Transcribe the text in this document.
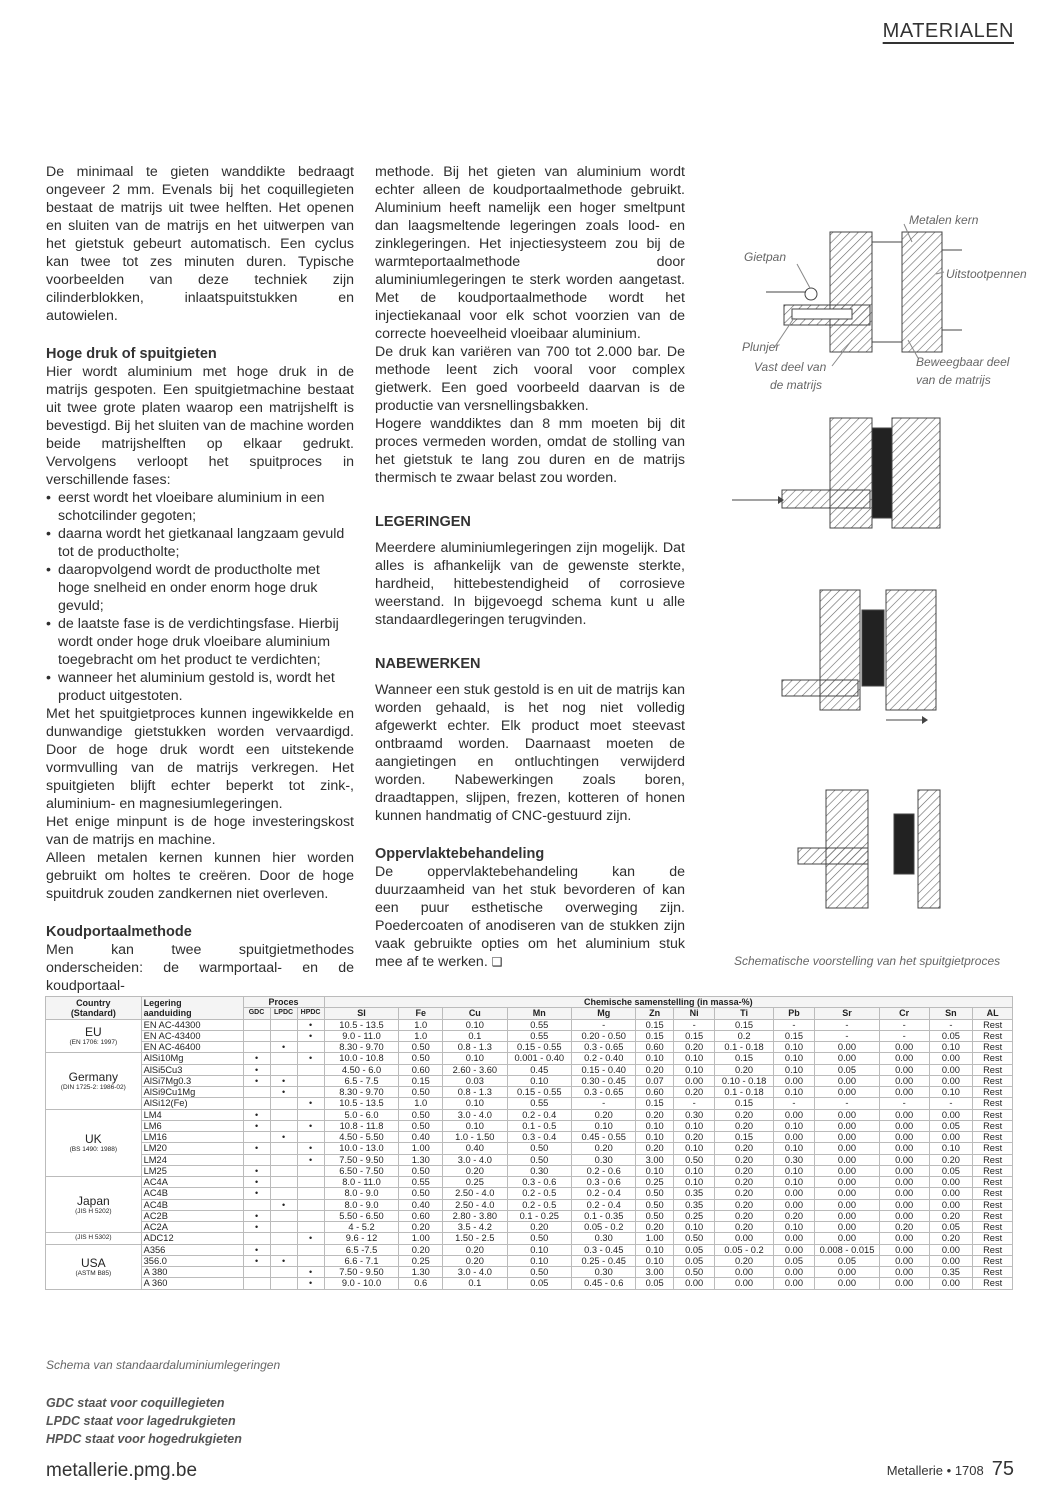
MATERIALEN

De minimaal te gieten wanddikte bedraagt ongeveer 2 mm. Evenals bij het coquillegieten bestaat de matrijs uit twee helften. Het openen en sluiten van de matrijs en het uitwerpen van het gietstuk gebeurt automatisch. Een cyclus kan twee tot zes minuten duren. Typische voorbeelden van deze techniek zijn cilinderblokken, inlaatspuitstukken en autowielen.

Hoge druk of spuitgieten

Hier wordt aluminium met hoge druk in de matrijs gespoten. Een spuitgietmachine bestaat uit twee grote platen waarop een matrijshelft is bevestigd. Bij het sluiten van de machine worden beide matrijshelften op elkaar gedrukt. Vervolgens verloopt het spuitproces in verschillende fases:

• eerst wordt het vloeibare aluminium in een schotcilinder gegoten;
• daarna wordt het gietkanaal langzaam gevuld tot de productholte;
• daaropvolgend wordt de productholte met hoge snelheid en onder enorm hoge druk gevuld;
• de laatste fase is de verdichtingsfase. Hierbij wordt onder hoge druk vloeibare aluminium toegebracht om het product te verdichten;
• wanneer het aluminium gestold is, wordt het product uitgestoten.

Met het spuitgietproces kunnen ingewikkelde en dunwandige gietstukken worden vervaardigd. Door de hoge druk wordt een uitstekende vormvulling van de matrijs verkregen. Het spuitgieten blijft echter beperkt tot zink-, aluminium- en magnesiumlegeringen.

Het enige minpunt is de hoge investeringskost van de matrijs en machine.

Alleen metalen kernen kunnen hier worden gebruikt om holtes te creëren. Door de hoge spuitdruk zouden zandkernen niet overleven.

Koudportaalmethode

Men kan twee spuitgietmethodes onderscheiden: de warmportaal- en de koudportaal-

methode. Bij het gieten van aluminium wordt echter alleen de koudportaalmethode gebruikt. Aluminium heeft namelijk een hoger smeltpunt dan laagsmeltende legeringen zoals lood- en zinklegeringen. Het injectiesysteem zou bij de warmteportaalmethode door aluminiumlegeringen te sterk worden aangetast. Met de koudportaalmethode wordt het injectiekanaal voor elk schot voorzien van de correcte hoeveelheid vloeibaar aluminium.

De druk kan variëren van 700 tot 2.000 bar. De methode leent zich vooral voor complex gietwerk. Een goed voorbeeld daarvan is de productie van versnellingsbakken.

Hogere wanddiktes dan 8 mm moeten bij dit proces vermeden worden, omdat de stolling van het gietstuk te lang zou duren en de matrijs thermisch te zwaar belast zou worden.

LEGERINGEN

Meerdere aluminiumlegeringen zijn mogelijk. Dat alles is afhankelijk van de gewenste sterkte, hardheid, hittebestendigheid of corrosieve weerstand. In bijgevoegd schema kunt u alle standaardlegeringen terugvinden.

NABEWERKEN

Wanneer een stuk gestold is en uit de matrijs kan worden gehaald, is het nog niet volledig afgewerkt echter. Elk product moet steevast ontbraamd worden. Daarnaast moeten de aangietingen en ontluchtingen verwijderd worden. Nabewerkingen zoals boren, draadtappen, slijpen, frezen, kotteren of honen kunnen handmatig of CNC-gestuurd zijn.

Oppervlaktebehandeling

De oppervlaktebehandeling kan de duurzaamheid van het stuk bevorderen of kan een puur esthetische overweging zijn. Poedercoaten of anodiseren van de stukken zijn vaak gebruikte opties om het aluminium stuk mee af te werken. ❑

Metalen kern
Gietpan
Uitstootpennen
Plunjer
Vast deel van
de matrijs
Beweegbaar deel
van de matrijs
Schematische voorstelling van het spuitgietproces
Country
(Standard)	Legering
aanduiding	Proces			Chemische samenstelling (in massa-%)												
		GDC	LPDC	HPDC	SI	Fe	Cu	Mn	Mg	Zn	Ni	Ti	Pb	Sr	Cr	Sn	AL
EU
(EN 1706: 1997)	EN AC-44300			•	10.5 - 13.5	1.0	0.10	0.55	-	0.15	-	0.15	-	-	-	-	Rest
	EN AC-43400			•	9.0 - 11.0	1.0	0.1	0.55	0.20 - 0.50	0.15	0.15	0.2	0.15	-	-	0.05	Rest
	EN AC-46400		•		8.30 - 9.70	0.50	0.8 - 1.3	0.15 - 0.55	0.3 - 0.65	0.60	0.20	0.1 - 0.18	0.10	0.00	0.00	0.10	Rest
Germany
(DIN 1725-2: 1986-02)	AlSi10Mg	•		•	10.0 - 10.8	0.50	0.10	0.001 - 0.40	0.2 - 0.40	0.10	0.10	0.15	0.10	0.00	0.00	0.00	Rest
	AlSi5Cu3	•			4.50 - 6.0	0.60	2.60 - 3.60	0.45	0.15 - 0.40	0.20	0.10	0.20	0.10	0.05	0.00	0.00	Rest
	AlSi7Mg0.3	•	•		6.5 - 7.5	0.15	0.03	0.10	0.30 - 0.45	0.07	0.00	0.10 - 0.18	0.00	0.00	0.00	0.00	Rest
	AlSi9Cu1Mg		•		8.30 - 9.70	0.50	0.8 - 1.3	0.15 - 0.55	0.3 - 0.65	0.60	0.20	0.1 - 0.18	0.10	0.00	0.00	0.10	Rest
	AlSi12(Fe)			•	10.5 - 13.5	1.0	0.10	0.55	-	0.15	-	0.15	-	-	-	-	Rest
UK
(BS 1490: 1988)	LM4	•			5.0 - 6.0	0.50	3.0 - 4.0	0.2 - 0.4	0.20	0.20	0.30	0.20	0.00	0.00	0.00	0.00	Rest
	LM6	•		•	10.8 - 11.8	0.50	0.10	0.1 - 0.5	0.10	0.10	0.10	0.20	0.10	0.00	0.00	0.05	Rest
	LM16		•		4.50 - 5.50	0.40	1.0 - 1.50	0.3 - 0.4	0.45 - 0.55	0.10	0.20	0.15	0.00	0.00	0.00	0.00	Rest
	LM20	•		•	10.0 - 13.0	1.00	0.40	0.50	0.20	0.20	0.10	0.20	0.10	0.00	0.00	0.10	Rest
	LM24			•	7.50 - 9.50	1.30	3.0 - 4.0	0.50	0.30	3.00	0.50	0.20	0.30	0.00	0.00	0.20	Rest
	LM25	•			6.50 - 7.50	0.50	0.20	0.30	0.2 - 0.6	0.10	0.10	0.20	0.10	0.00	0.00	0.05	Rest
Japan
(JIS H 5202)	AC4A	•			8.0 - 11.0	0.55	0.25	0.3 - 0.6	0.3 - 0.6	0.25	0.10	0.20	0.10	0.00	0.00	0.00	Rest
	AC4B	•			8.0 - 9.0	0.50	2.50 - 4.0	0.2 - 0.5	0.2 - 0.4	0.50	0.35	0.20	0.00	0.00	0.00	0.00	Rest
	AC4B		•		8.0 - 9.0	0.40	2.50 - 4.0	0.2 - 0.5	0.2 - 0.4	0.50	0.35	0.20	0.00	0.00	0.00	0.00	Rest
	AC2B	•			5.50 - 6.50	0.60	2.80 - 3.80	0.1 - 0.25	0.1 - 0.35	0.50	0.25	0.20	0.20	0.00	0.00	0.20	Rest
	AC2A	•			4 - 5.2	0.20	3.5 - 4.2	0.20	0.05 - 0.2	0.20	0.10	0.20	0.10	0.00	0.20	0.05	Rest

(JIS H 5302)	ADC12			•	9.6 - 12	1.00	1.50 - 2.5	0.50	0.30	1.00	0.50	0.00	0.00	0.00	0.00	0.20	Rest
USA
(ASTM B85)	A356	•			6.5 -7.5	0.20	0.20	0.10	0.3 - 0.45	0.10	0.05	0.05 - 0.2	0.00	0.008 - 0.015	0.00	0.00	Rest
	356.0	•	•		6.6 - 7.1	0.25	0.20	0.10	0.25 - 0.45	0.10	0.05	0.20	0.05	0.05	0.00	0.00	Rest
	A 380			•	7.50 - 9.50	1.30	3.0 - 4.0	0.50	0.30	3.00	0.50	0.00	0.00	0.00	0.00	0.35	Rest
	A 360			•	9.0 - 10.0	0.6	0.1	0.05	0.45 - 0.6	0.05	0.00	0.00	0.00	0.00	0.00	0.00	Rest
Schema van standaardaluminiumlegeringen
GDC staat voor coquillegieten
LPDC staat voor lagedrukgieten
HPDC staat voor hogedrukgieten
metallerie.pmg.be	Metallerie • 1708 75
